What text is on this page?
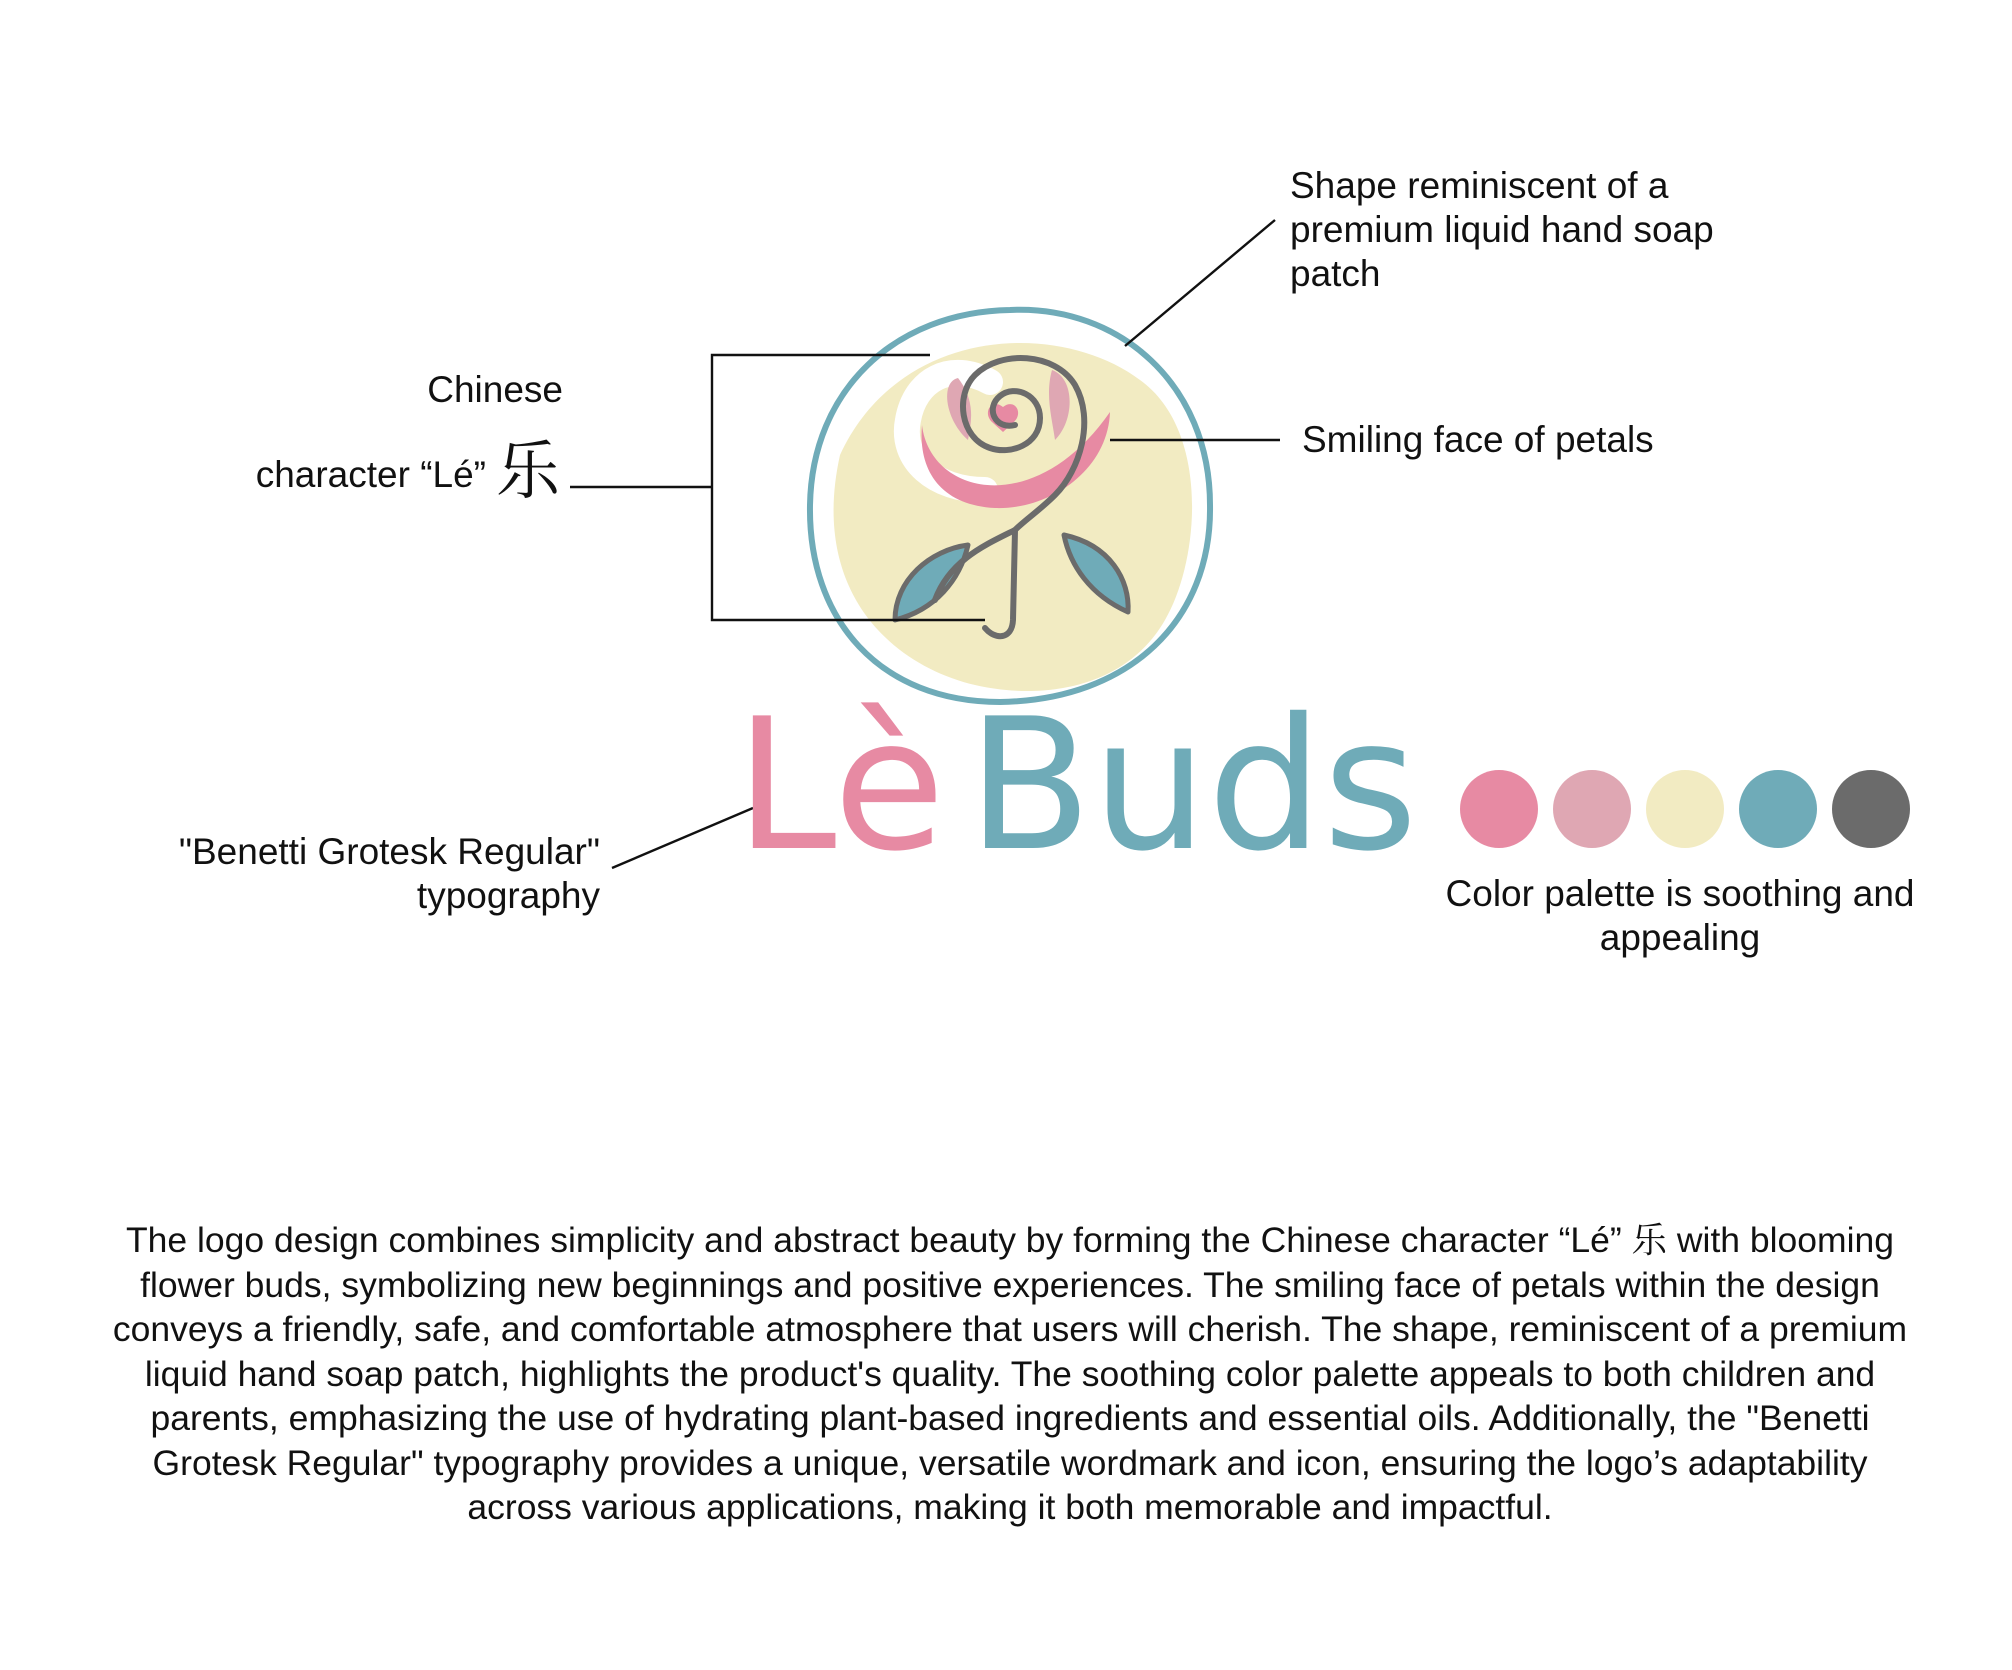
Lè Buds
Chinese
character “Lé” 乐
Shape reminiscent of a premium liquid hand soap patch
Smiling face of petals
"Benetti Grotesk Regular" typography	Color palette is soothing and appealing
The logo design combines simplicity and abstract beauty by forming the Chinese character “Lé” 乐 with blooming flower buds, symbolizing new beginnings and positive experiences. The smiling face of petals within the design conveys a friendly, safe, and comfortable atmosphere that users will cherish. The shape, reminiscent of a premium liquid hand soap patch, highlights the product's quality. The soothing color palette appeals to both children and parents, emphasizing the use of hydrating plant-based ingredients and essential oils. Additionally, the "Benetti Grotesk Regular" typography provides a unique, versatile wordmark and icon, ensuring the logo’s adaptability across various applications, making it both memorable and impactful.
